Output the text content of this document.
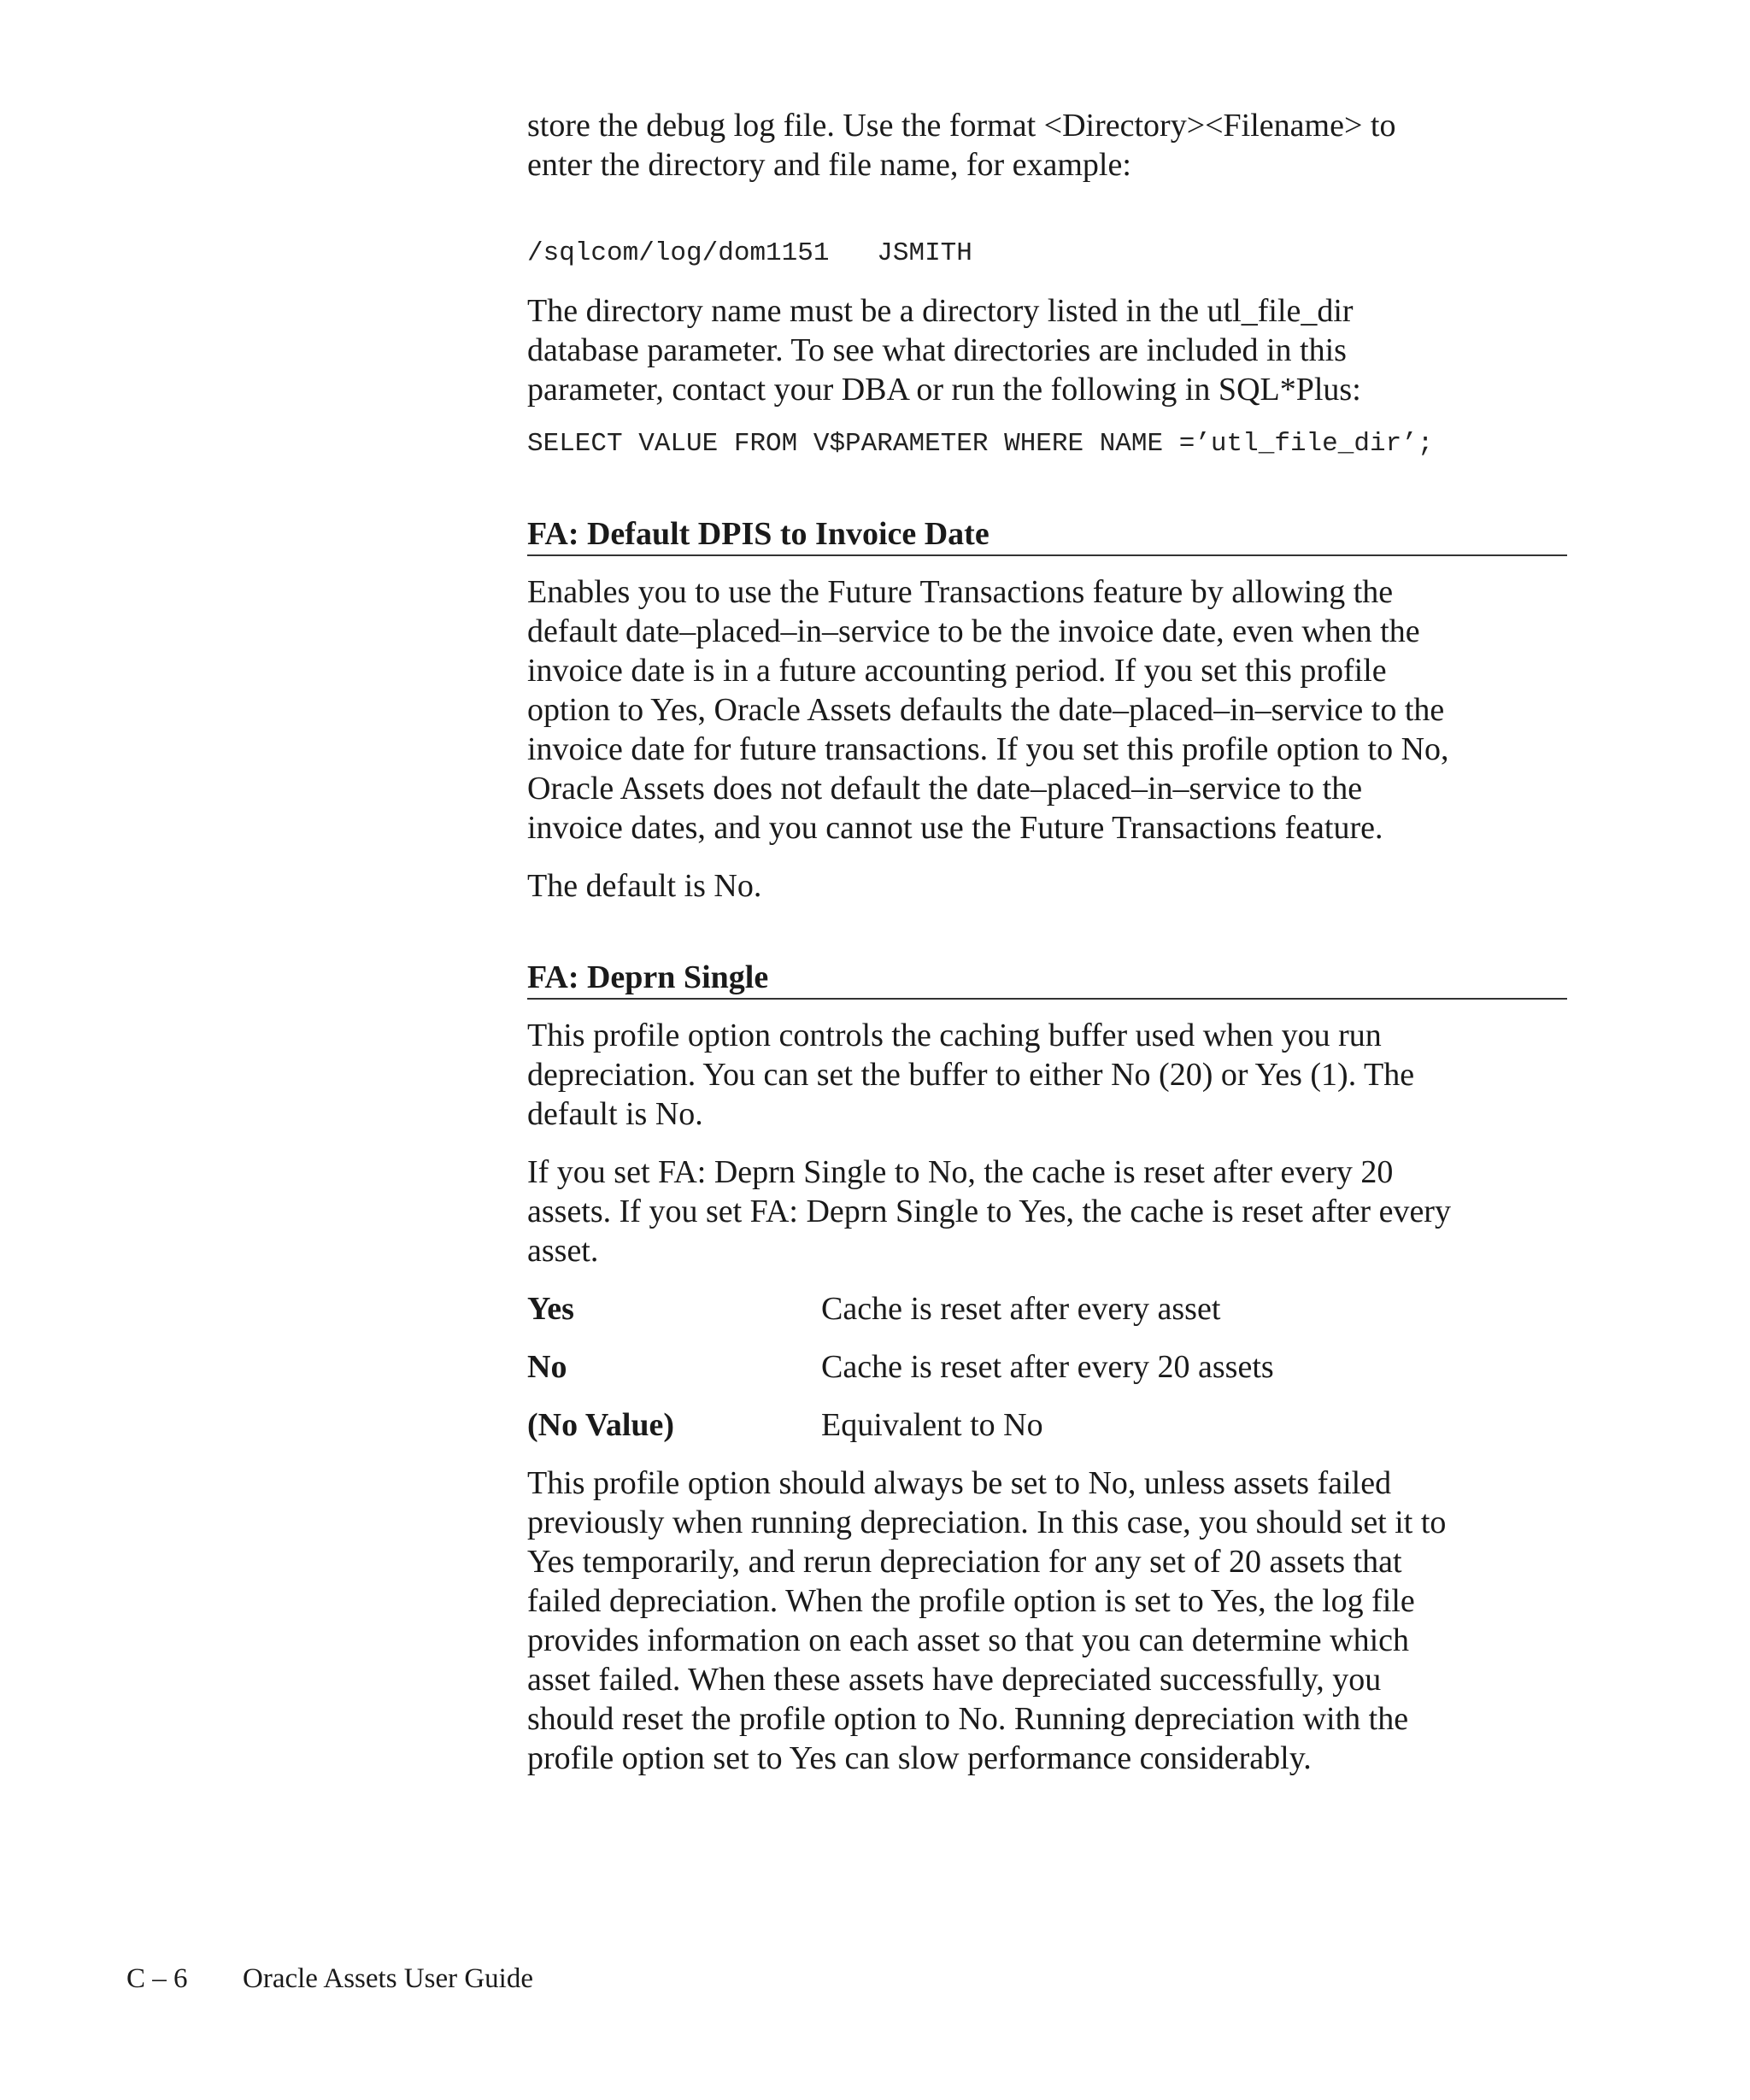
store the debug log file. Use the format <Directory><Filename> to
enter the directory and file name, for example:

/sqlcom/log/dom1151   JSMITH

The directory name must be a directory listed in the utl_file_dir
database parameter. To see what directories are included in this
parameter, contact your DBA or run the following in SQL*Plus:

SELECT VALUE FROM V$PARAMETER WHERE NAME =’utl_file_dir’;

FA: Default DPIS to Invoice Date

Enables you to use the Future Transactions feature by allowing the
default date–placed–in–service to be the invoice date, even when the
invoice date is in a future accounting period. If you set this profile
option to Yes, Oracle Assets defaults the date–placed–in–service to the
invoice date for future transactions. If you set this profile option to No,
Oracle Assets does not default the date–placed–in–service to the
invoice dates, and you cannot use the Future Transactions feature.

The default is No.

FA: Deprn Single

This profile option controls the caching buffer used when you run
depreciation. You can set the buffer to either No (20) or Yes (1). The
default is No.

If you set FA: Deprn Single to No, the cache is reset after every 20
assets. If you set FA: Deprn Single to Yes, the cache is reset after every
asset.

Yes	Cache is reset after every asset
No	Cache is reset after every 20 assets
(No Value)	Equivalent to No

This profile option should always be set to No, unless assets failed
previously when running depreciation. In this case, you should set it to
Yes temporarily, and rerun depreciation for any set of 20 assets that
failed depreciation. When the profile option is set to Yes, the log file
provides information on each asset so that you can determine which
asset failed. When these assets have depreciated successfully, you
should reset the profile option to No. Running depreciation with the
profile option set to Yes can slow performance considerably.

C – 6 Oracle Assets User Guide
